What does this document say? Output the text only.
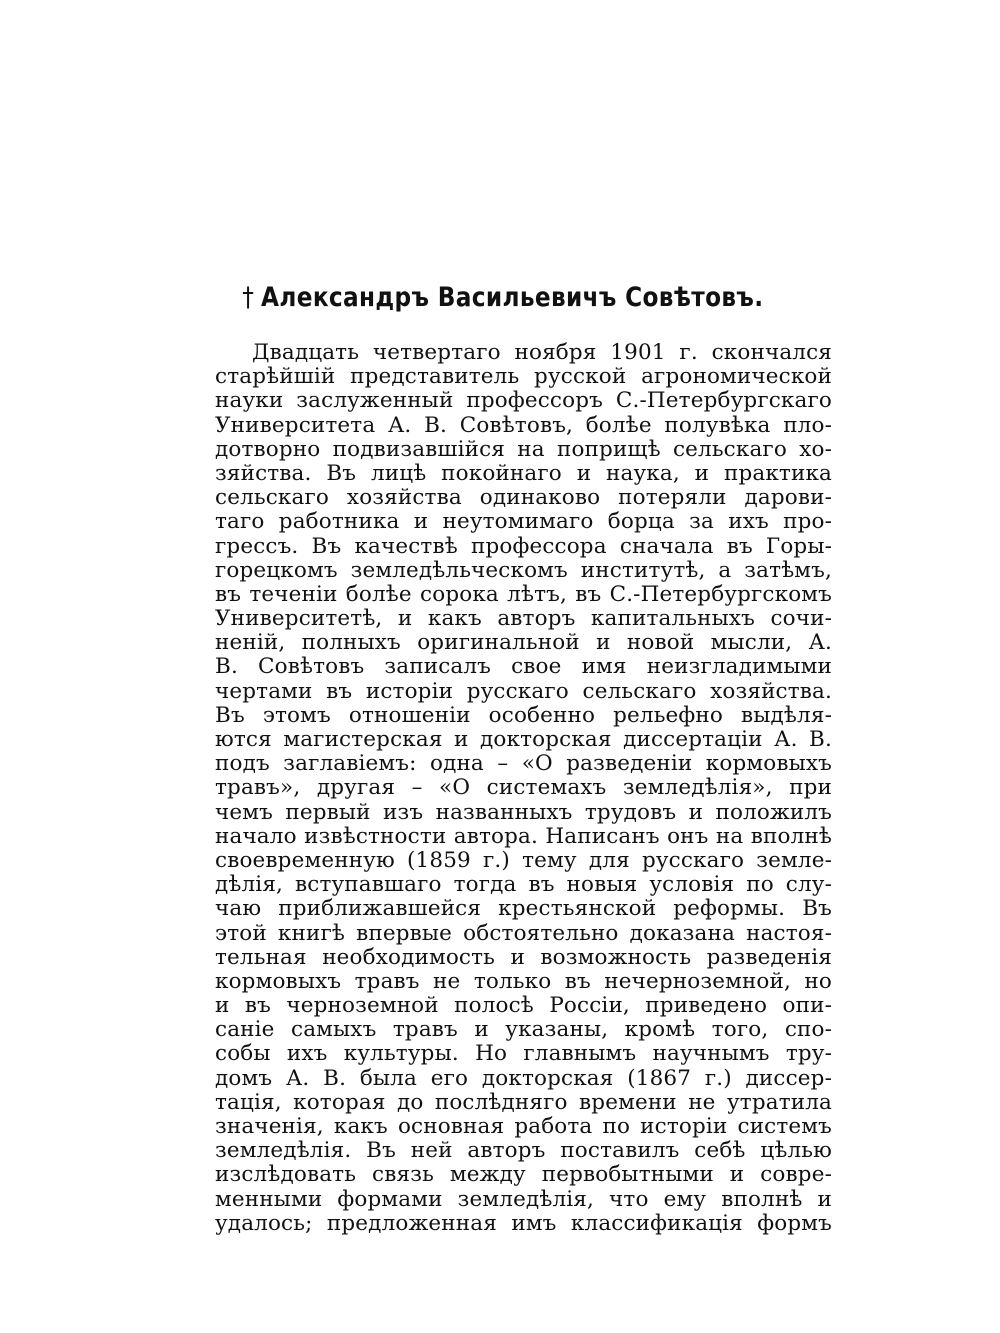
† Александръ Васильевичъ Совѣтовъ.
Двадцать четвертаго ноября 1901 г. скончался
старѣйшій представитель русской агрономической
науки заслуженный профессоръ С.-Петербургскаго
Университета А. В. Совѣтовъ, болѣе полувѣка пло-
дотворно подвизавшійся на поприщѣ сельскаго хо-
зяйства. Въ лицѣ покойнаго и наука, и практика
сельскаго хозяйства одинаково потеряли дарови-
таго работника и неутомимаго борца за ихъ про-
грессъ. Въ качествѣ профессора сначала въ Горы-
горецкомъ земледѣльческомъ институтѣ, а затѣмъ,
въ теченіи болѣе сорока лѣтъ, въ С.-Петербургскомъ
Университетѣ, и какъ авторъ капитальныхъ сочи-
неній, полныхъ оригинальной и новой мысли, А.
В. Совѣтовъ записалъ свое имя неизгладимыми
чертами въ исторіи русскаго сельскаго хозяйства.
Въ этомъ отношеніи особенно рельефно выдѣля-
ются магистерская и докторская диссертаціи А. В.
подъ заглавіемъ: одна – «О разведеніи кормовыхъ
травъ», другая – «О системахъ земледѣлія», при
чемъ первый изъ названныхъ трудовъ и положилъ
начало извѣстности автора. Написанъ онъ на вполнѣ
своевременную (1859 г.) тему для русскаго земле-
дѣлія, вступавшаго тогда въ новыя условія по слу-
чаю приближавшейся крестьянской реформы. Въ
этой книгѣ впервые обстоятельно доказана настоя-
тельная необходимость и возможность разведенія
кормовыхъ травъ не только въ нечерноземной, но
и въ черноземной полосѣ Россіи, приведено опи-
саніе самыхъ травъ и указаны, кромѣ того, спо-
собы ихъ культуры. Но главнымъ научнымъ тру-
домъ А. В. была его докторская (1867 г.) диссер-
тація, которая до послѣдняго времени не утратила
значенія, какъ основная работа по исторіи системъ
земледѣлія. Въ ней авторъ поставилъ себѣ цѣлью
изслѣдовать связь между первобытными и совре-
менными формами земледѣлія, что ему вполнѣ и
удалось; предложенная имъ классификація формъ
